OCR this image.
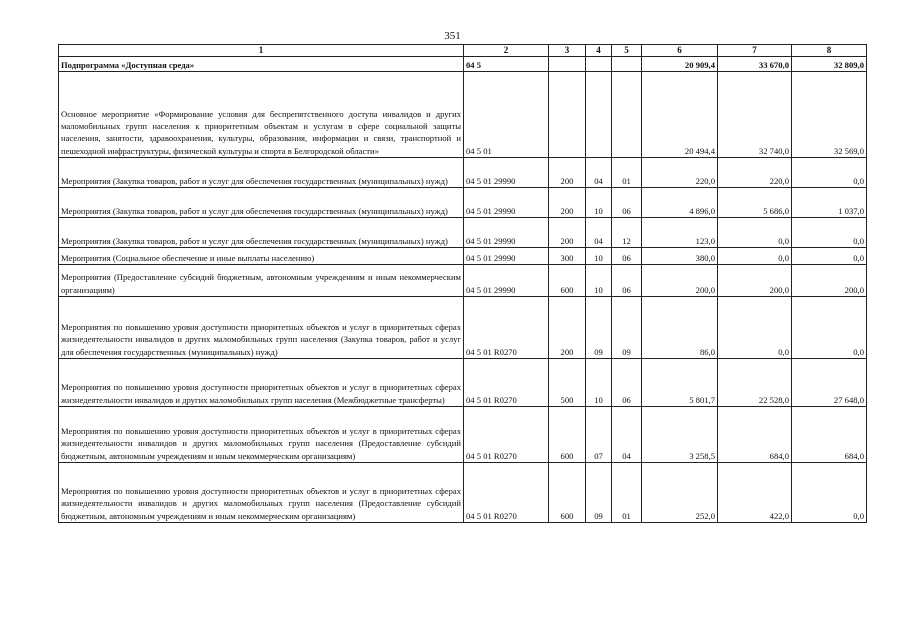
351
1	2	3	4	5	6	7	8
Подпрограмма «Доступная среда»	04 5				20 909,4	33 670,0	32 809,0
Основное мероприятие «Формирование условия для беспрепятственного доступа инвалидов и других маломобильных групп населения к приоритетным объектам и услугам в сфере социальной защиты населения, занятости, здравоохранения, культуры, образования, информации и связи, транспортной и пешеходной инфраструктуры, физической культуры и спорта в Белгородской области»	04 5 01				20 494,4	32 740,0	32 569,0
Мероприятия (Закупка товаров, работ и услуг для обеспечения государственных (муниципальных) нужд)	04 5 01 29990	200	04	01	220,0	220,0	0,0
Мероприятия (Закупка товаров, работ и услуг для обеспечения государственных (муниципальных) нужд)	04 5 01 29990	200	10	06	4 896,0	5 686,0	1 037,0
Мероприятия (Закупка товаров, работ и услуг для обеспечения государственных (муниципальных) нужд)	04 5 01 29990	200	04	12	123,0	0,0	0,0
Мероприятия (Социальное обеспечение и иные выплаты населению)	04 5 01 29990	300	10	06	380,0	0,0	0,0
Мероприятия (Предоставление субсидий бюджетным, автономным учреждениям и иным некоммерческим организациям)	04 5 01 29990	600	10	06	200,0	200,0	200,0
Мероприятия по повышению уровня доступности приоритетных объектов и услуг в приоритетных сферах жизнедеятельности инвалидов и других маломобильных групп населения (Закупка товаров, работ и услуг для обеспечения государственных (муниципальных) нужд)	04 5 01 R0270	200	09	09	86,0	0,0	0,0
Мероприятия по повышению уровня доступности приоритетных объектов и услуг в приоритетных сферах жизнедеятельности инвалидов и других маломобильных групп населения (Межбюджетные трансферты)	04 5 01 R0270	500	10	06	5 801,7	22 528,0	27 648,0
Мероприятия по повышению уровня доступности приоритетных объектов и услуг в приоритетных сферах жизнедеятельности инвалидов и других маломобильных групп населения (Предоставление субсидий бюджетным, автономным учреждениям и иным некоммерческим организациям)	04 5 01 R0270	600	07	04	3 258,5	684,0	684,0
Мероприятия по повышению уровня доступности приоритетных объектов и услуг в приоритетных сферах жизнедеятельности инвалидов и других маломобильных групп населения (Предоставление субсидий бюджетным, автономным учреждениям и иным некоммерческим организациям)	04 5 01 R0270	600	09	01	252,0	422,0	0,0
